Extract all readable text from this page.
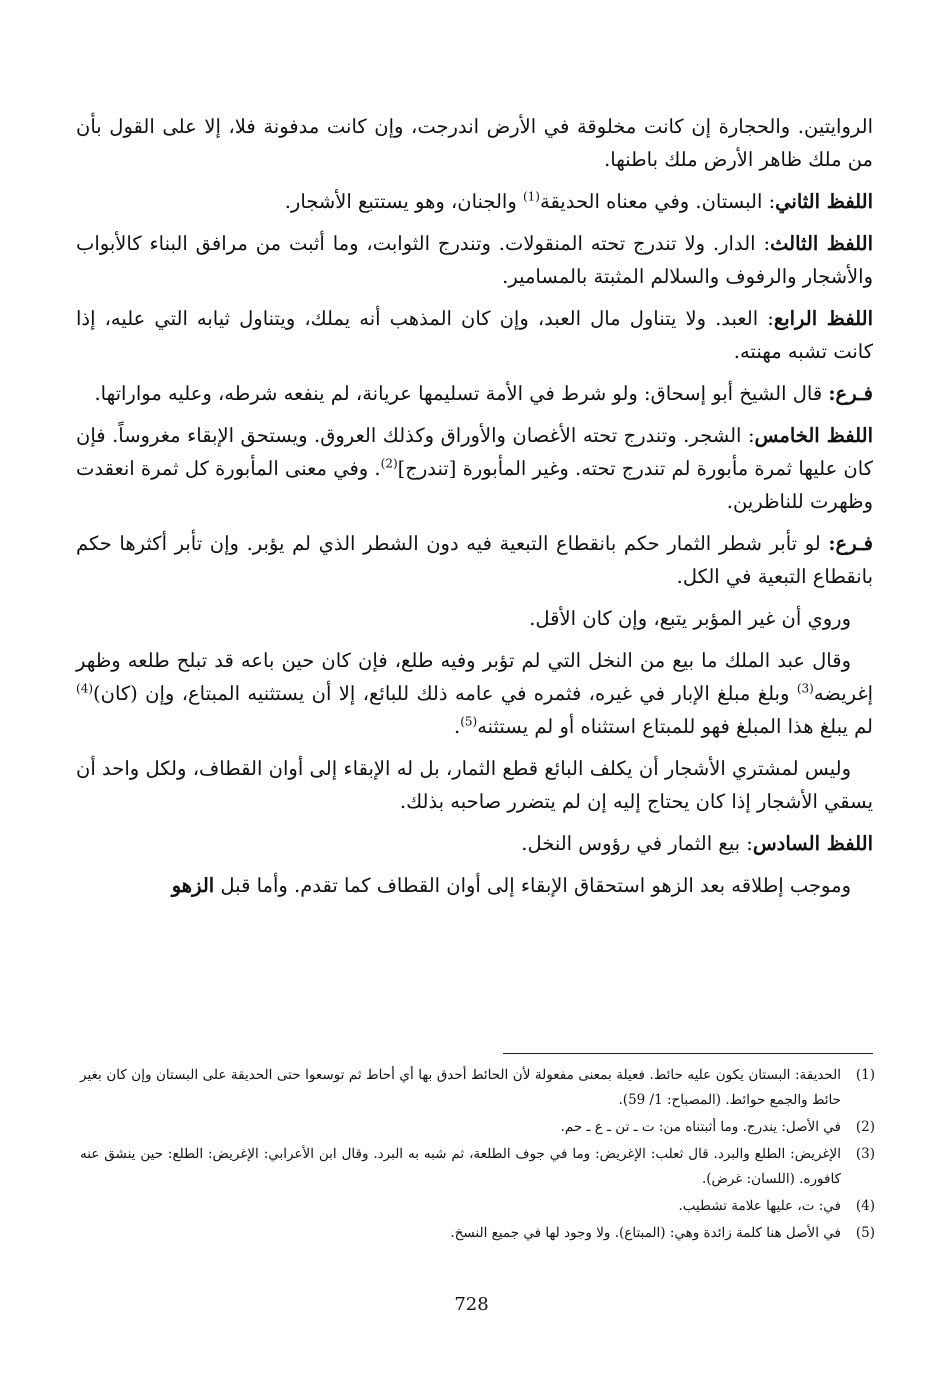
الروايتين. والحجارة إن كانت مخلوقة في الأرض اندرجت، وإن كانت مدفونة فلا، إلا على القول بأن من ملك ظاهر الأرض ملك باطنها.

اللفظ الثاني: البستان. وفي معناه الحديقة$^{(1)}$ والجنان، وهو يستتبع الأشجار.

اللفظ الثالث: الدار. ولا تندرج تحته المنقولات. وتندرج الثوابت، وما أثبت من مرافق البناء كالأبواب والأشجار والرفوف والسلالم المثبتة بالمسامير.

اللفظ الرابع: العبد. ولا يتناول مال العبد، وإن كان المذهب أنه يملك، ويتناول ثيابه التي عليه، إذا كانت تشبه مهنته.

فـرع: قال الشيخ أبو إسحاق: ولو شرط في الأمة تسليمها عريانة، لم ينفعه شرطه، وعليه مواراتها.

اللفظ الخامس: الشجر. وتندرج تحته الأغصان والأوراق وكذلك العروق. ويستحق الإبقاء مغروساً. فإن كان عليها ثمرة مأبورة لم تندرج تحته. وغير المأبورة [تندرج]$^{(2)}$. وفي معنى المأبورة كل ثمرة انعقدت وظهرت للناظرين.

فـرع: لو تأبر شطر الثمار حكم بانقطاع التبعية فيه دون الشطر الذي لم يؤبر. وإن تأبر أكثرها حكم بانقطاع التبعية في الكل.

وروي أن غير المؤبر يتبع، وإن كان الأقل.

وقال عبد الملك ما بيع من النخل التي لم تؤبر وفيه طلع، فإن كان حين باعه قد تبلح طلعه وظهر إغريضه$^{(3)}$ وبلغ مبلغ الإبار في غيره، فثمره في عامه ذلك للبائع، إلا أن يستثنيه المبتاع، وإن (كان)$^{(4)}$ لم يبلغ هذا المبلغ فهو للمبتاع استثناه أو لم يستثنه$^{(5)}$.

وليس لمشتري الأشجار أن يكلف البائع قطع الثمار، بل له الإبقاء إلى أوان القطاف، ولكل واحد أن يسقي الأشجار إذا كان يحتاج إليه إن لم يتضرر صاحبه بذلك.

اللفظ السادس: بيع الثمار في رؤوس النخل.

وموجب إطلاقه بعد الزهو استحقاق الإبقاء إلى أوان القطاف كما تقدم. وأما قبل الزهو

(1)
الحديقة: البستان يكون عليه حائط. فعيلة بمعنى مفعولة لأن الحائط أحدق بها أي أحاط ثم توسعوا حتى الحديقة على البستان وإن كان بغير حائط والجمع حوائط. (المصباح: 1/ 59).
(2)
في الأصل: يندرج. وما أثبتناه من: ت ـ تن ـ ع ـ حم.
(3)
الإغريض: الطلع والبرد. قال ثعلب: الإغريض: وما في جوف الطلعة، ثم شبه به البرد. وقال ابن الأعرابي: الإغريض: الطلع: حين ينشق عنه كافوره. (اللسان: غرض).
(4)
في: ت، عليها علامة تشطيب.
(5)
في الأصل هنا كلمة زائدة وهي: (المبتاع). ولا وجود لها في جميع النسخ.
728
